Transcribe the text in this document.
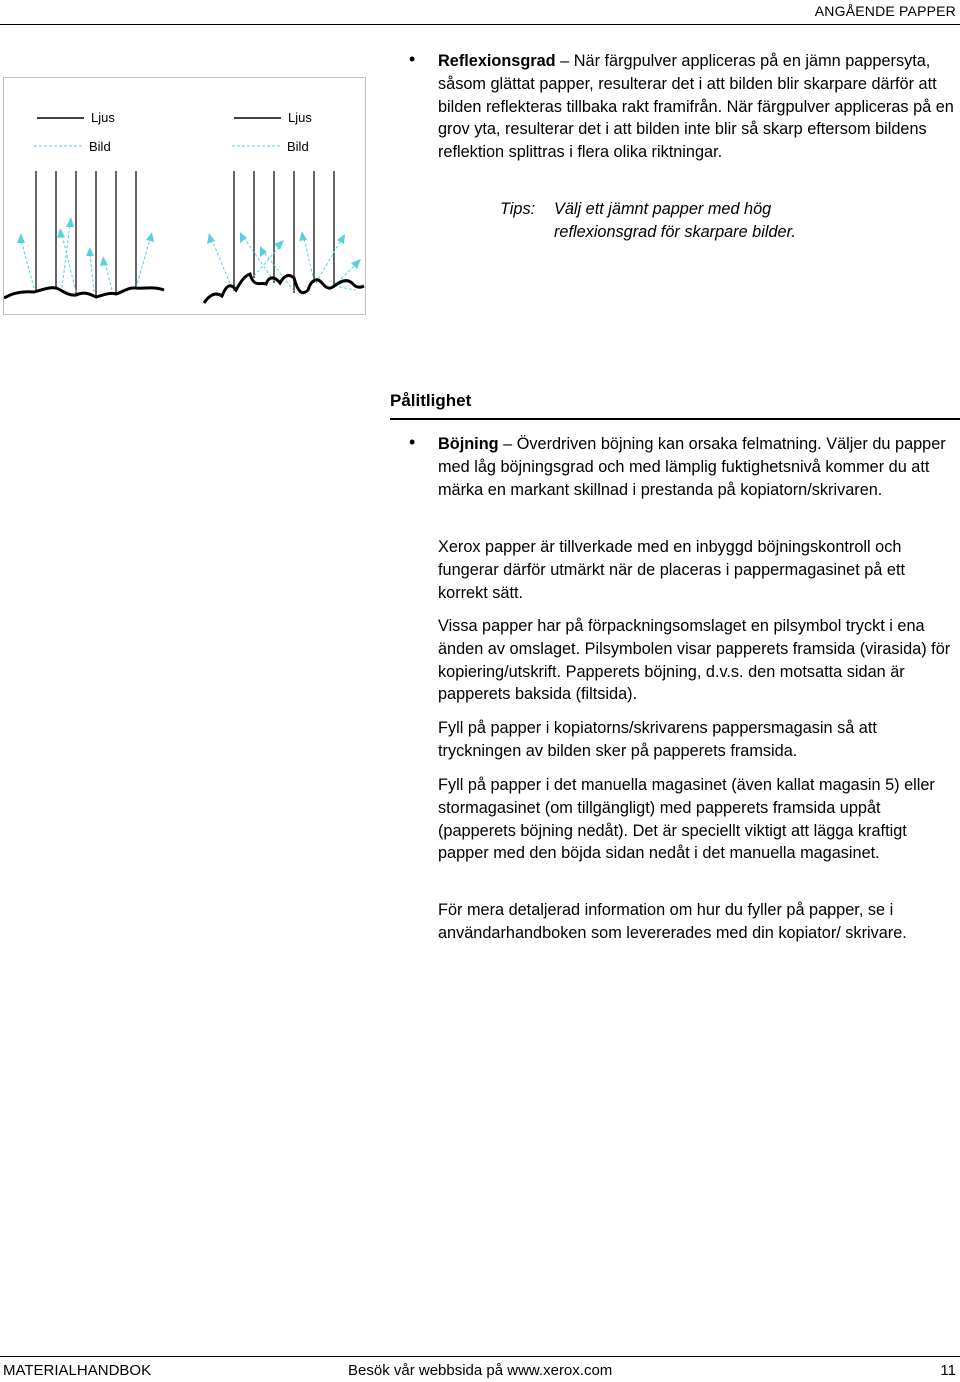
ANGÅENDE PAPPER
Ljus
Bild
Ljus
Bild
• Reflexionsgrad – När färgpulver appliceras på en jämn pappersyta, såsom glättat papper, resulterar det i att bilden blir skarpare därför att bilden reflekteras tillbaka rakt framifrån. När färgpulver appliceras på en grov yta, resulterar det i att bilden inte blir så skarp eftersom bildens reflektion splittras i flera olika riktningar.

Tips: Välj ett jämnt papper med hög reflexionsgrad för skarpare bilder.

Pålitlighet
• Böjning – Överdriven böjning kan orsaka felmatning. Väljer du papper med låg böjningsgrad och med lämplig fuktighetsnivå kommer du att märka en markant skillnad i prestanda på kopiatorn/skrivaren.

Xerox papper är tillverkade med en inbyggd böjningskontroll och fungerar därför utmärkt när de placeras i pappermagasinet på ett korrekt sätt.

Vissa papper har på förpackningsomslaget en pilsymbol tryckt i ena änden av omslaget. Pilsymbolen visar papperets framsida (virasida) för kopiering/utskrift. Papperets böjning, d.v.s. den motsatta sidan är papperets baksida (filtsida).

Fyll på papper i kopiatorns/skrivarens pappersmagasin så att tryckningen av bilden sker på papperets framsida.

Fyll på papper i det manuella magasinet (även kallat magasin 5) eller stormagasinet (om tillgängligt) med papperets framsida uppåt (papperets böjning nedåt). Det är speciellt viktigt att lägga kraftigt papper med den böjda sidan nedåt i det manuella magasinet.

För mera detaljerad information om hur du fyller på papper, se i användarhandboken som levererades med din kopiator/ skrivare.

MATERIALHANDBOK	Besök vår webbsida på www.xerox.com	11
